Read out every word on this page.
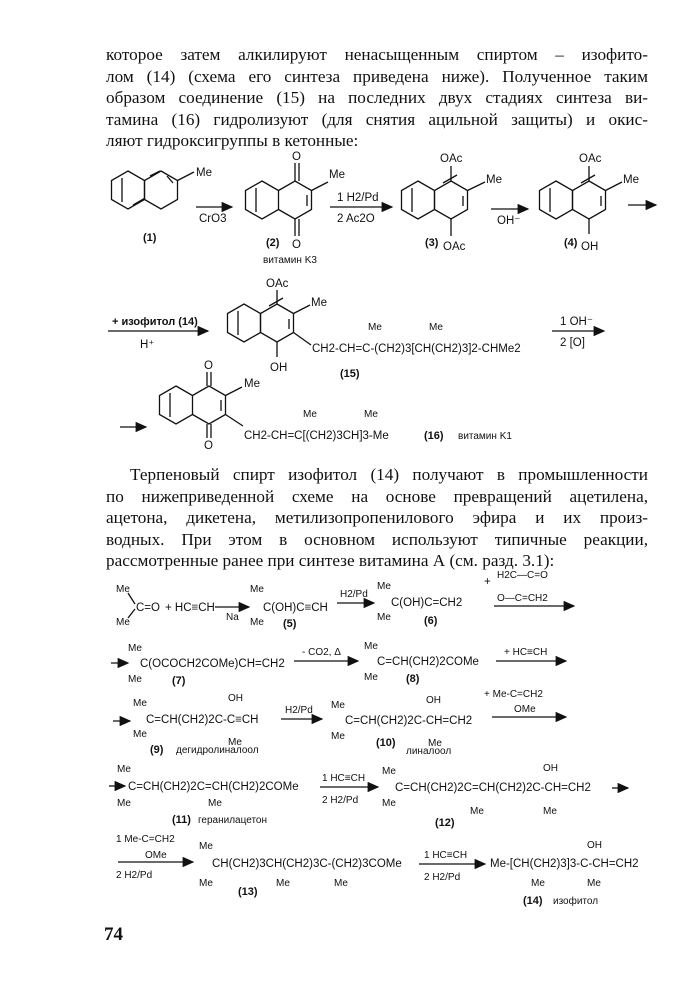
которое затем алкилируют ненасыщенным спиртом – изофито-
лом (14) (схема его синтеза приведена ниже). Полученное таким
образом соединение (15) на последних двух стадиях синтеза ви-
тамина (16) гидролизуют (для снятия ацильной защиты) и окис-
ляют гидроксигруппы в кетонные:
Терпеновый спирт изофитол (14) получают в промышленности
по нижеприведенной схеме на основе превращений ацетилена,
ацетона, дикетена, метилизопропенилового эфира и их произ-
водных. При этом в основном используют типичные реакции,
рассмотренные ранее при синтезе витамина А (см. разд. 3.1):
Me
(1)
CrO3
O
O
Me
(2)
витамин K3
1 H2/Pd
2 Ac2O
OAc
OAc
Me
(3)
OH⁻
OAc
OH
Me
(4)
+ изофитол (14)
H⁺
OAc
OH
Me
CH2-CH=C-(CH2)3[CH(CH2)3]2-CHMe2
Me	Me
(15)
1 OH⁻
2 [O]
O
O
Me
CH2-CH=C[(CH2)3CH]3-Me
Me	Me
(16) витамин K1
Me
Me
C=O + HC≡CH
Na
Me
Me
C(OH)C≡CH
(5)
H2/Pd
Me
Me
C(OH)C=CH2
(6)
+
H2C—C=O
O—C=CH2
Me
Me
C(OCOCH2COMe)CH=CH2
(7)
- CO2, Δ
Me
Me
C=CH(CH2)2COMe
(8)
+ HC≡CH
Me
Me
C=CH(CH2)2C-C≡CH
OH
Me
(9) дегидролиналоол
H2/Pd Me
Me
C=CH(CH2)2C-CH=CH2
OH
Me
(10)
линалоол
+ Me-C=CH2
OMe
Me
Me
C=CH(CH2)2C=CH(CH2)2COMe
Me
(11) геранилацетон
1 HC≡CH
2 H2/Pd
Me
Me
C=CH(CH2)2C=CH(CH2)2C-CH=CH2
OH
Me	Me
(12)
1 Me-C=CH2
OMe
2 H2/Pd
Me
Me
CH(CH2)3CH(CH2)3C-(CH2)3COMe
Me	Me
(13)
1 HC≡CH
2 H2/Pd
Me-[CH(CH2)3]3-C-CH=CH2
OH
Me	Me
(14) изофитол
74
